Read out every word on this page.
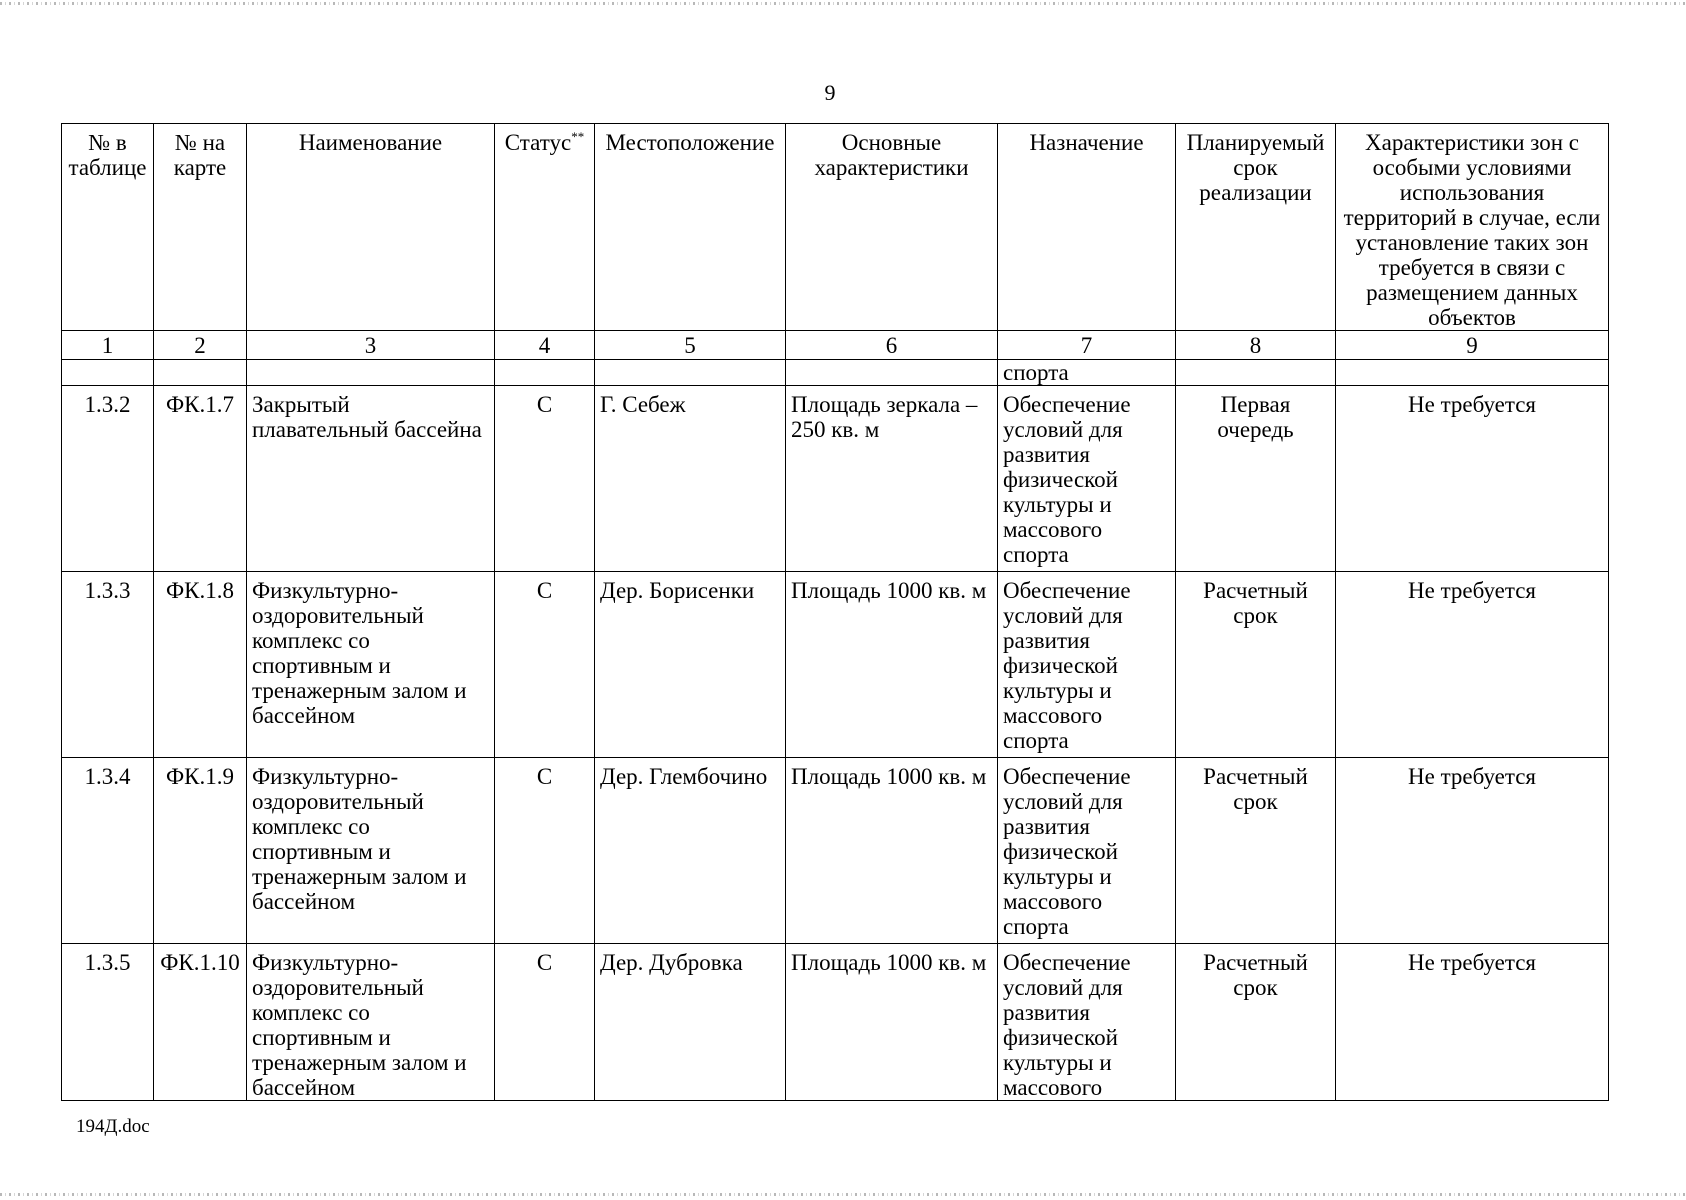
9
№ в таблице	№ на карте	Наименование	Статус**	Местоположение	Основные характеристики	Назначение	Планируемый срок реализации	Характеристики зон с особыми условиями использования территорий в случае, если установление таких зон требуется в связи с размещением данных объектов
1	2	3	4	5	6	7	8	9
						спорта		
1.3.2	ФК.1.7	Закрытый плавательный бассейна	С	Г. Себеж	Площадь зеркала – 250 кв. м	Обеспечение условий для развития физической культуры и массового спорта	Первая очередь	Не требуется
1.3.3	ФК.1.8	Физкультурно-оздоровительный комплекс со спортивным и тренажерным залом и бассейном	С	Дер. Борисенки	Площадь 1000 кв. м	Обеспечение условий для развития физической культуры и массового спорта	Расчетный срок	Не требуется
1.3.4	ФК.1.9	Физкультурно-оздоровительный комплекс со спортивным и тренажерным залом и бассейном	С	Дер. Глембочино	Площадь 1000 кв. м	Обеспечение условий для развития физической культуры и массового спорта	Расчетный срок	Не требуется
1.3.5	ФК.1.10	Физкультурно-оздоровительный комплекс со спортивным и тренажерным залом и бассейном	С	Дер. Дубровка	Площадь 1000 кв. м	Обеспечение условий для развития физической культуры и массового	Расчетный срок	Не требуется
194Д.doc
